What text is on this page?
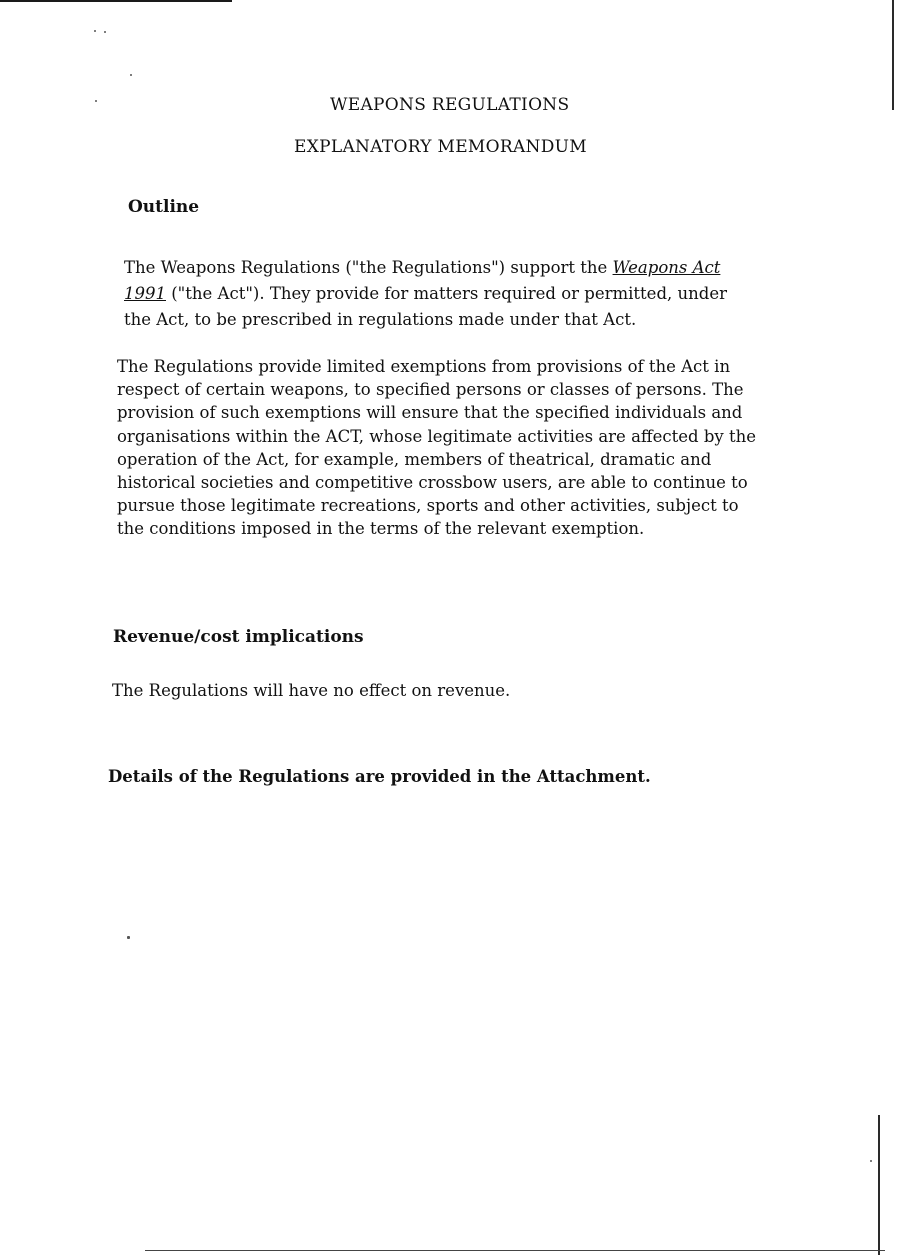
WEAPONS REGULATIONS
EXPLANATORY MEMORANDUM
Outline

The Weapons Regulations ("the Regulations") support the Weapons Act 1991 ("the Act"). They provide for matters required or permitted, under the Act, to be prescribed in regulations made under that Act.

The Regulations provide limited exemptions from provisions of the Act in respect of certain weapons, to specified persons or classes of persons. The provision of such exemptions will ensure that the specified individuals and organisations within the ACT, whose legitimate activities are affected by the operation of the Act, for example, members of theatrical, dramatic and historical societies and competitive crossbow users, are able to continue to pursue those legitimate recreations, sports and other activities, subject to the conditions imposed in the terms of the relevant exemption.

Revenue/cost implications

The Regulations will have no effect on revenue.

Details of the Regulations are provided in the Attachment.
